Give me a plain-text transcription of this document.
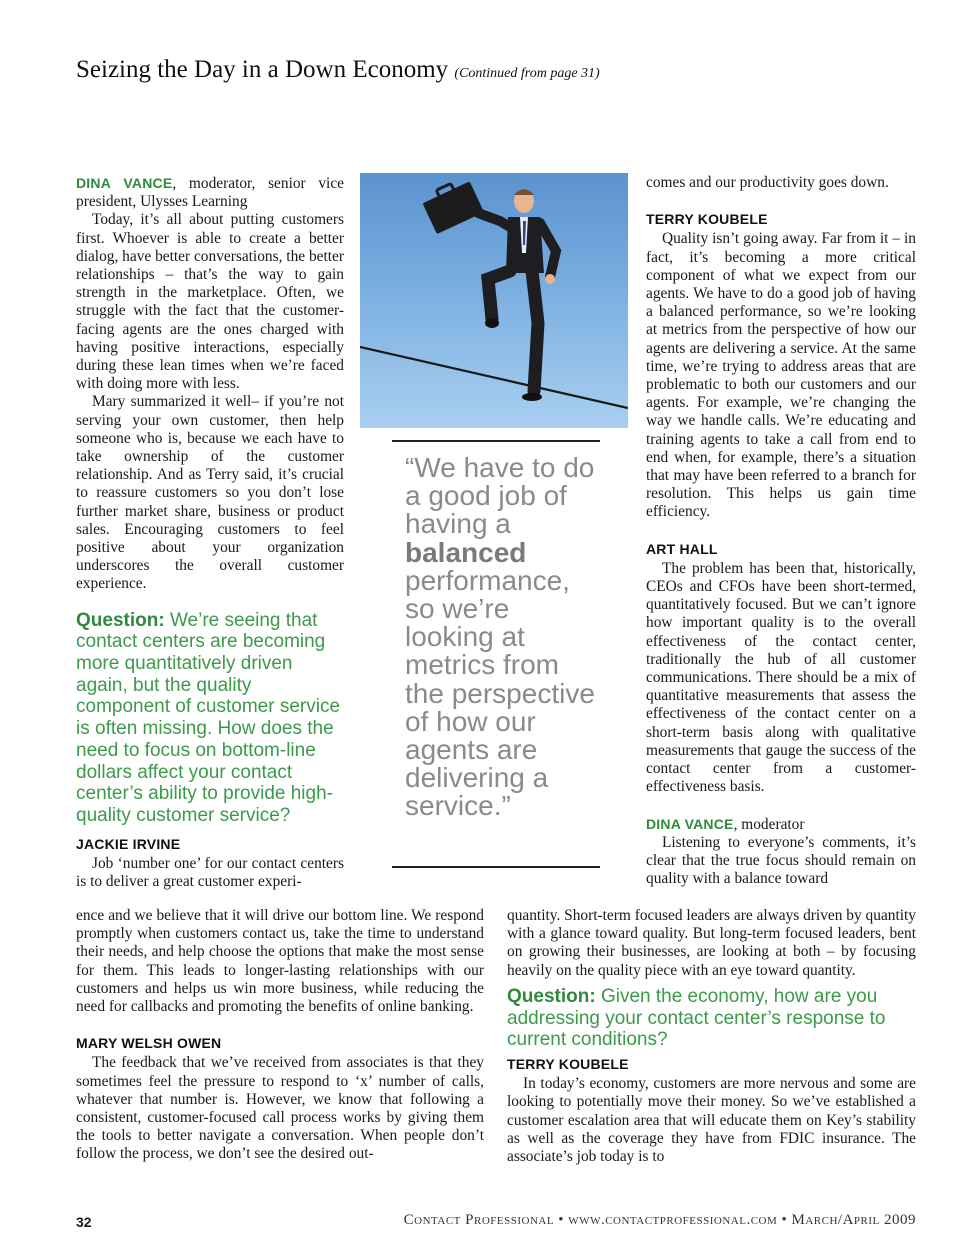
Seizing the Day in a Down Economy (Continued from page 31)

DINA VANCE, moderator, senior vice president, Ulysses Learning

Today, it’s all about putting customers first. Whoever is able to create a better dialog, have better conversations, the better relationships – that’s the way to gain strength in the marketplace. Often, we struggle with the fact that the customer-facing agents are the ones charged with having positive interactions, especially during these lean times when we’re faced with doing more with less.

Mary summarized it well– if you’re not serving your own customer, then help someone who is, because we each have to take ownership of the customer relationship. And as Terry said, it’s crucial to reassure customers so you don’t lose further market share, business or product sales. Encouraging customers to feel positive about your organization underscores the overall customer experience.

Question: We’re seeing that contact centers are becoming more quantitatively driven again, but the quality component of customer service is often missing. How does the need to focus on bottom-line dollars affect your contact center’s ability to provide high-quality customer service?
JACKIE IRVINE

Job ‘number one’ for our contact centers is to deliver a great customer experi-

“We have to do a good job of having a balanced performance, so we’re looking at metrics from the perspective of how our agents are delivering a service.”

comes and our productivity goes down.

TERRY KOUBELE

Quality isn’t going away. Far from it – in fact, it’s becoming a more critical component of what we expect from our agents. We have to do a good job of having a balanced performance, so we’re looking at metrics from the perspective of how our agents are delivering a service. At the same time, we’re trying to address areas that are problematic to both our customers and our agents. For example, we’re changing the way we handle calls. We’re educating and training agents to take a call from end to end when, for example, there’s a situation that may have been referred to a branch for resolution. This helps us gain time efficiency.

ART HALL

The problem has been that, historically, CEOs and CFOs have been short-termed, quantitatively focused. But we can’t ignore how important quality is to the overall effectiveness of the contact center, traditionally the hub of all customer communications. There should be a mix of quantitative measurements that assess the effectiveness of the contact center on a short-term basis along with qualitative measurements that gauge the success of the contact center from a customer-effectiveness basis.

DINA VANCE, moderator

Listening to everyone’s comments, it’s clear that the true focus should remain on quality with a balance toward

ence and we believe that it will drive our bottom line. We respond promptly when customers contact us, take the time to understand their needs, and help choose the options that make the most sense for them. This leads to longer-lasting relationships with our customers and helps us win more business, while reducing the need for callbacks and promoting the benefits of online banking.

MARY WELSH OWEN

The feedback that we’ve received from associates is that they sometimes feel the pressure to respond to ‘x’ number of calls, whatever that number is. However, we know that following a consistent, customer-focused call process works by giving them the tools to better navigate a conversation. When people don’t follow the process, we don’t see the desired out-

quantity. Short-term focused leaders are always driven by quantity with a glance toward quality. But long-term focused leaders, bent on growing their businesses, are looking at both – by focusing heavily on the quality piece with an eye toward quantity.

Question: Given the economy, how are you addressing your contact center’s response to current conditions?
TERRY KOUBELE

In today’s economy, customers are more nervous and some are looking to potentially move their money. So we’ve established a customer escalation area that will educate them on Key’s stability as well as the coverage they have from FDIC insurance. The associate’s job today is to

32	Contact Professional • www.contactprofessional.com • March/April 2009
